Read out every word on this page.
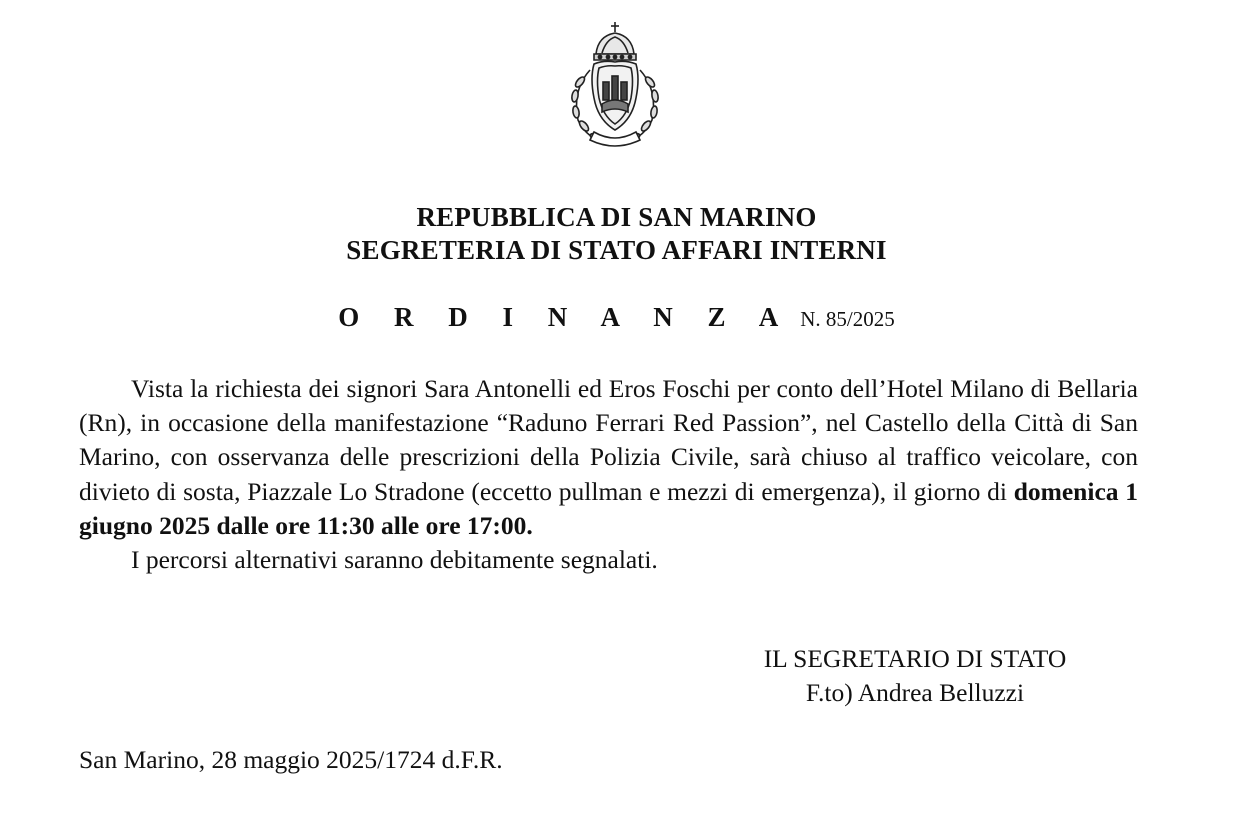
REPUBBLICA DI SAN MARINO
SEGRETERIA DI STATO AFFARI INTERNI
O R D I N A N Z A N. 85/2025

Vista la richiesta dei signori Sara Antonelli ed Eros Foschi per conto dell’Hotel Milano di Bellaria (Rn), in occasione della manifestazione “Raduno Ferrari Red Passion”, nel Castello della Città di San Marino, con osservanza delle prescrizioni della Polizia Civile, sarà chiuso al traffico veicolare, con divieto di sosta, Piazzale Lo Stradone (eccetto pullman e mezzi di emergenza), il giorno di domenica 1 giugno 2025 dalle ore 11:30 alle ore 17:00.

I percorsi alternativi saranno debitamente segnalati.

IL SEGRETARIO DI STATO
F.to) Andrea Belluzzi
San Marino, 28 maggio 2025/1724 d.F.R.
